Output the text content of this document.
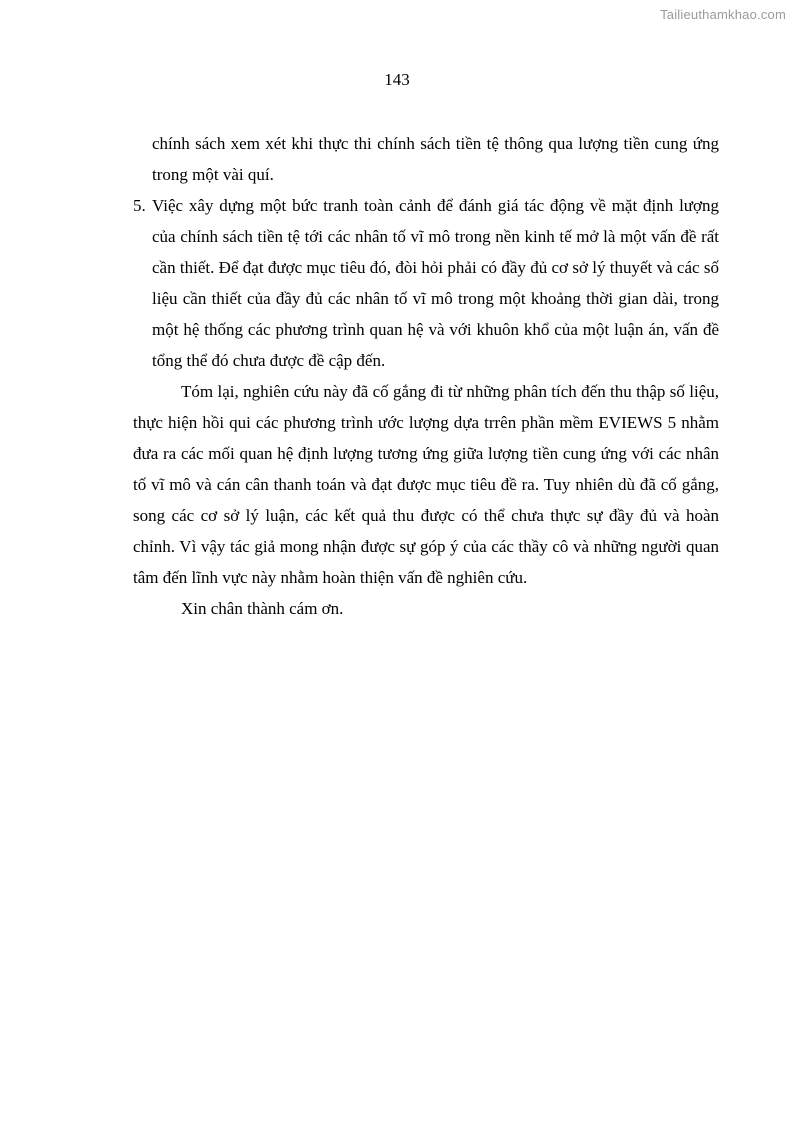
Tailieuthamkhao.com
143

chính sách xem xét khi thực thi chính sách tiền tệ thông qua lượng tiền cung ứng trong một vài quí.

5. Việc xây dựng một bức tranh toàn cảnh để đánh giá tác động về mặt định lượng của chính sách tiền tệ tới các nhân tố vĩ mô trong nền kinh tế mở là một vấn đề rất cần thiết. Để đạt được mục tiêu đó, đòi hỏi phải có đầy đủ cơ sở lý thuyết và các số liệu cần thiết của đầy đủ các nhân tố vĩ mô trong một khoảng thời gian dài, trong một hệ thống các phương trình quan hệ và với khuôn khổ của một luận án, vấn đề tổng thể đó chưa được đề cập đến.

Tóm lại, nghiên cứu này đã cố gắng đi từ những phân tích đến thu thập số liệu, thực hiện hồi qui các phương trình ước lượng dựa trrên phần mềm EVIEWS 5 nhằm đưa ra các mối quan hệ định lượng tương ứng giữa lượng tiền cung ứng với các nhân tố vĩ mô và cán cân thanh toán và đạt được mục tiêu đề ra. Tuy nhiên dù đã cố gắng, song các cơ sở lý luận, các kết quả thu được có thể chưa thực sự đầy đủ và hoàn chỉnh. Vì vậy tác giả mong nhận được sự góp ý của các thầy cô và những người quan tâm đến lĩnh vực này nhằm hoàn thiện vấn đề nghiên cứu.

Xin chân thành cám ơn.
